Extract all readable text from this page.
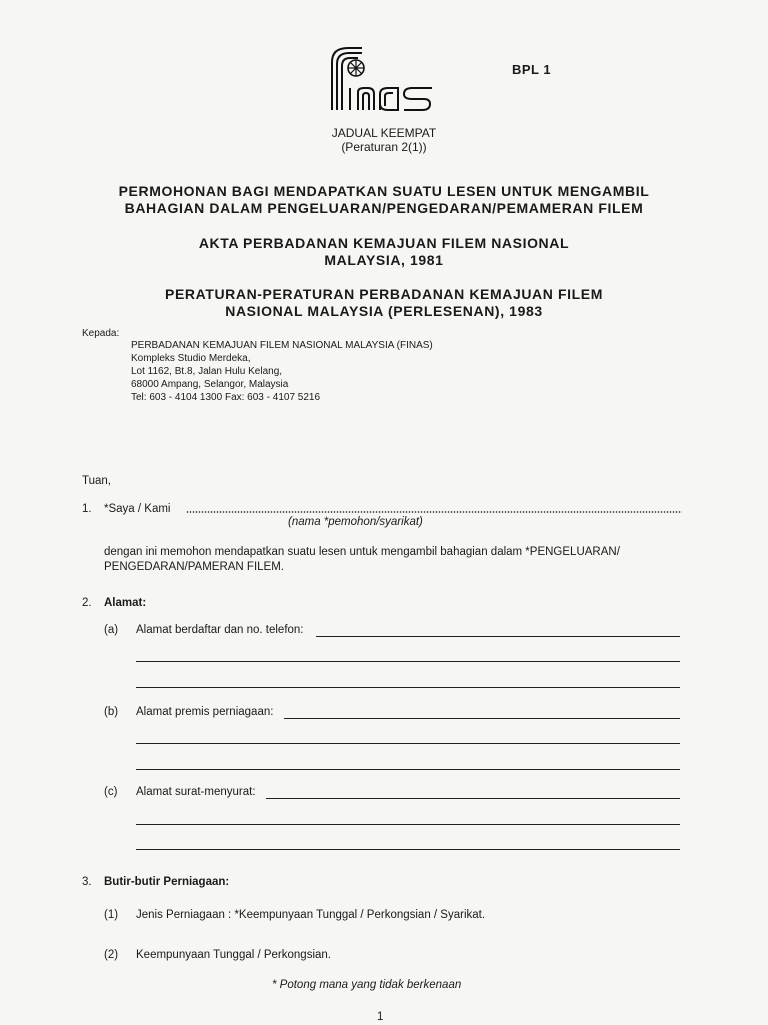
BPL 1
JADUAL KEEMPAT
(Peraturan 2(1))
PERMOHONAN BAGI MENDAPATKAN SUATU LESEN UNTUK MENGAMBIL
BAHAGIAN DALAM PENGELUARAN/PENGEDARAN/PEMAMERAN FILEM
AKTA PERBADANAN KEMAJUAN FILEM NASIONAL
MALAYSIA, 1981
PERATURAN-PERATURAN PERBADANAN KEMAJUAN FILEM
NASIONAL MALAYSIA (PERLESENAN), 1983
Kepada:
PERBADANAN KEMAJUAN FILEM NASIONAL MALAYSIA (FINAS)
Kompleks Studio Merdeka,
Lot 1162, Bt.8, Jalan Hulu Kelang,
68000 Ampang, Selangor, Malaysia
Tel: 603 - 4104 1300 Fax: 603 - 4107 5216
Tuan,
1. *Saya / Kami
(nama *pemohon/syarikat)
dengan ini memohon mendapatkan suatu lesen untuk mengambil bahagian dalam *PENGELUARAN/
PENGEDARAN/PAMERAN FILEM.
2. Alamat:
(a) Alamat berdaftar dan no. telefon:
(b) Alamat premis perniagaan:
(c) Alamat surat-menyurat:
3. Butir-butir Perniagaan:
(1) Jenis Perniagaan : *Keempunyaan Tunggal / Perkongsian / Syarikat.
(2) Keempunyaan Tunggal / Perkongsian.
* Potong mana yang tidak berkenaan
1
